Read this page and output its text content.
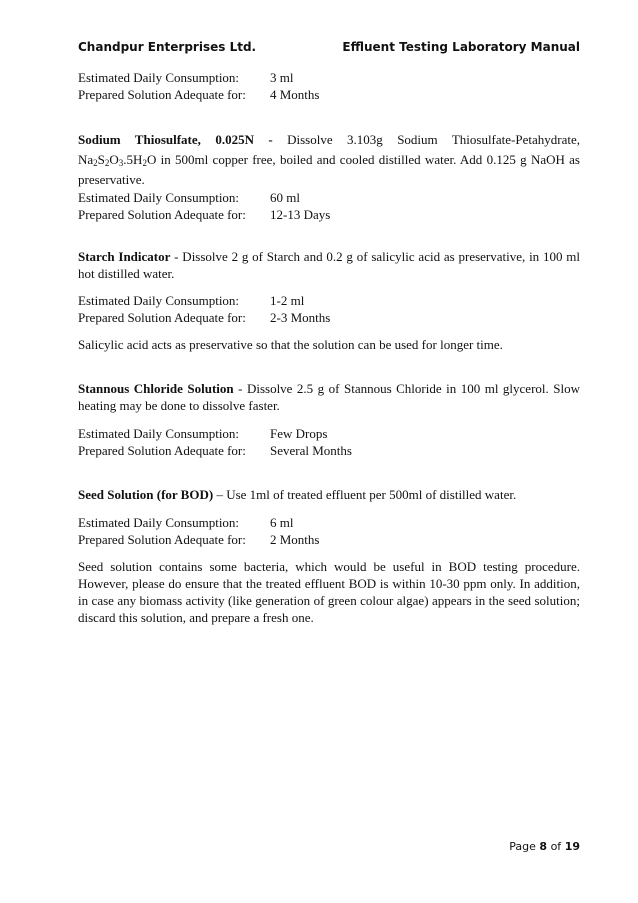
Chandpur Enterprises Ltd.	Effluent Testing Laboratory Manual
Estimated Daily Consumption:	3 ml
Prepared Solution Adequate for:	4 Months

Sodium Thiosulfate, 0.025N - Dissolve 3.103g Sodium Thiosulfate-Petahydrate, $Na_2S_2O_3.5H_2O$ in 500ml copper free, boiled and cooled distilled water. Add 0.125 g NaOH as preservative.

Estimated Daily Consumption:	60 ml
Prepared Solution Adequate for:	12-13 Days

Starch Indicator - Dissolve 2 g of Starch and 0.2 g of salicylic acid as preservative, in 100 ml hot distilled water.

Estimated Daily Consumption:	1-2 ml
Prepared Solution Adequate for:	2-3 Months

Salicylic acid acts as preservative so that the solution can be used for longer time.

Stannous Chloride Solution - Dissolve 2.5 g of Stannous Chloride in 100 ml glycerol. Slow heating may be done to dissolve faster.

Estimated Daily Consumption:	Few Drops
Prepared Solution Adequate for:	Several Months

Seed Solution (for BOD) – Use 1ml of treated effluent per 500ml of distilled water.

Estimated Daily Consumption:	6 ml
Prepared Solution Adequate for:	2 Months

Seed solution contains some bacteria, which would be useful in BOD testing procedure. However, please do ensure that the treated effluent BOD is within 10-30 ppm only. In addition, in case any biomass activity (like generation of green colour algae) appears in the seed solution; discard this solution, and prepare a fresh one.

Page 8 of 19
